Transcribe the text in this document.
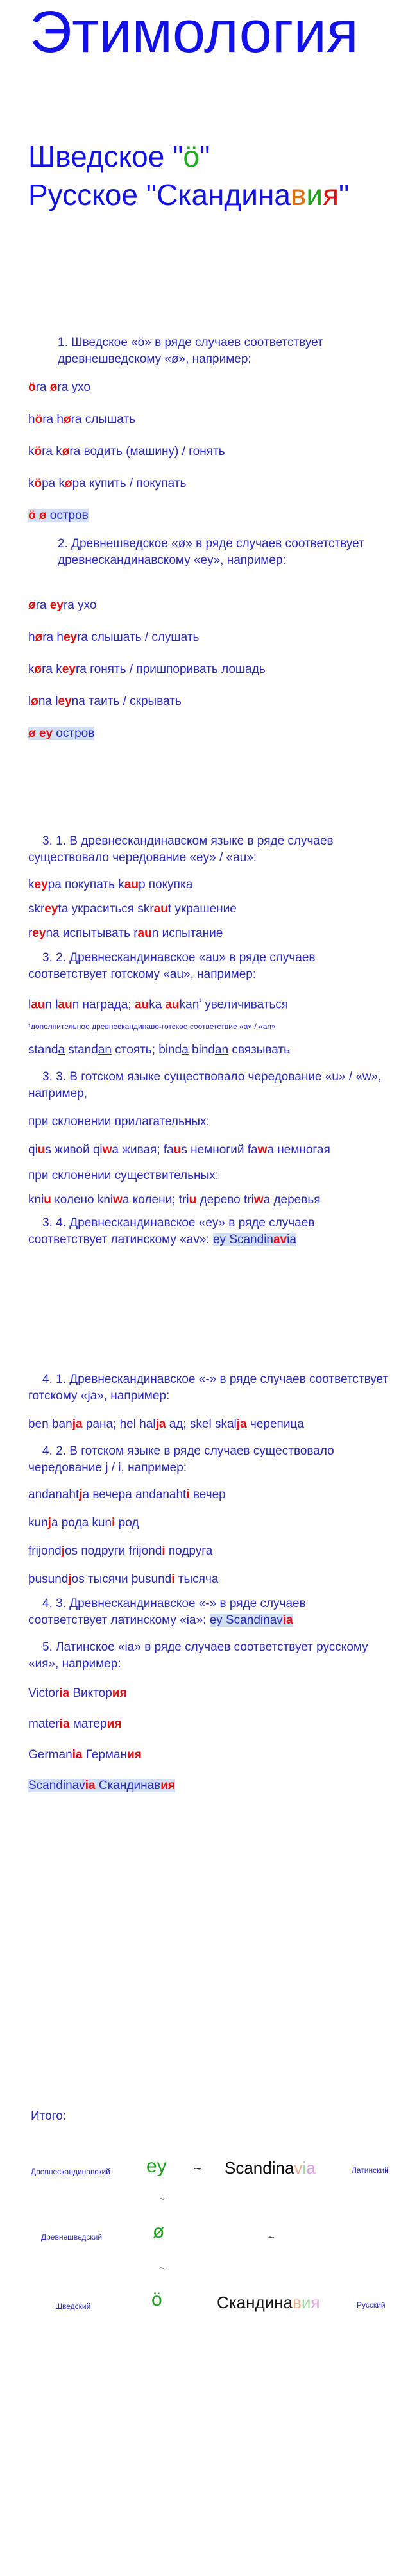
Этимология
Шведское "ö"
Русское "Скандинавия"
1. Шведское «ö» в ряде случаев соответствует древнешведскому «ø», например:
öra øra ухо
höra høra слышать
köra køra водить (машину) / гонять
köpa køpa купить / покупать
ö ø остров
2. Древнешведское «ø» в ряде случаев соответствует древнескандинавскому «ey», например:
øra eyra ухо
høra heyra слышать / слушать
køra keyra гонять / пришпоривать лошадь
løna leyna таить / скрывать
ø ey остров
3. 1. В древнескандинавском языке в ряде случаев существовало чередование «ey» / «au»:
keypa покупать kaup покупка
skreyta украситься skraut украшение
reyna испытывать raun испытание
3. 2. Древнескандинавское «au» в ряде случаев соответствует готскому «au», например:
laun laun награда; auka aukan$^{^1}$ увеличиваться
¹дополнительное древнескандинаво-готское соответствие «a» / «an»
standa standan стоять; binda bindan связывать
3. 3. В готском языке существовало чередование «u» / «w», например,
при склонении прилагательных:
qius живой qiwa живая; faus немногий fawa немногая
при склонении существительных:
kniu колено kniwa колени; triu дерево triwa деревья
3. 4. Древнескандинавское «ey» в ряде случаев
соответствует латинскому «av»: ey Scandinavia
4. 1. Древнескандинавское «-» в ряде случаев соответствует готскому «ja», например:
ben banja рана; hel halja ад; skel skalja черепица
4. 2. В готском языке в ряде случаев существовало чередование j / i, например:
andanahtja вечера andanahti вечер
kunja рода kuni род
frijondjos подруги frijondi подруга
þusundjos тысячи þusundi тысяча
4. 3. Древнескандинавское «-» в ряде случаев
соответствует латинскому «ia»: ey Scandinavia
5. Латинское «ia» в ряде случаев соответствует русскому «ия», например:
Victoria Виктория
materia материя
Germania Германия
Scandinavia Скандинавия
Итого:
Древнескандинавский ey ~ Scandinavia	Латинский
~
Древнешведский	ø	~
~
Шведский	ö	Скандинавия	Русский
